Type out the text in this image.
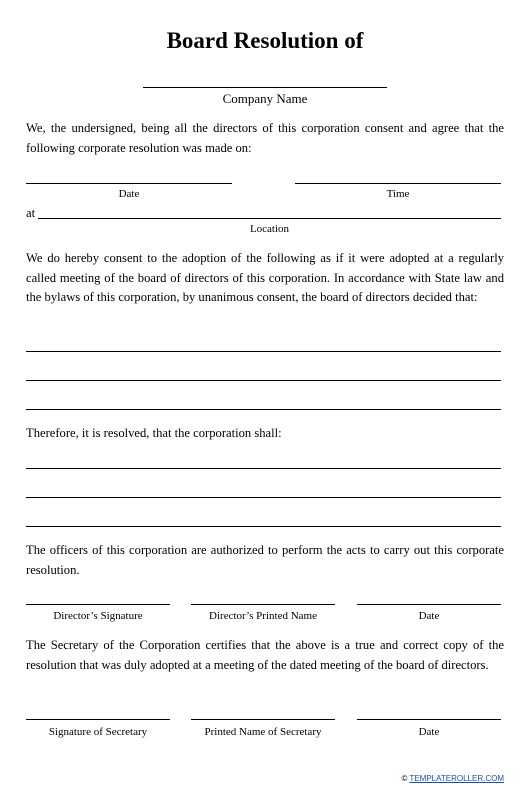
Board Resolution of
Company Name

We, the undersigned, being all the directors of this corporation consent and agree that the following corporate resolution was made on:

Date	Time
at
Location

We do hereby consent to the adoption of the following as if it were adopted at a regularly called meeting of the board of directors of this corporation. In accordance with State law and the bylaws of this corporation, by unanimous consent, the board of directors decided that:

Therefore, it is resolved, that the corporation shall:

The officers of this corporation are authorized to perform the acts to carry out this corporate resolution.

Director’s Signature	Director’s Printed Name	Date

The Secretary of the Corporation certifies that the above is a true and correct copy of the resolution that was duly adopted at a meeting of the dated meeting of the board of directors.

Signature of Secretary	Printed Name of Secretary	Date
© TEMPLATEROLLER.COM
